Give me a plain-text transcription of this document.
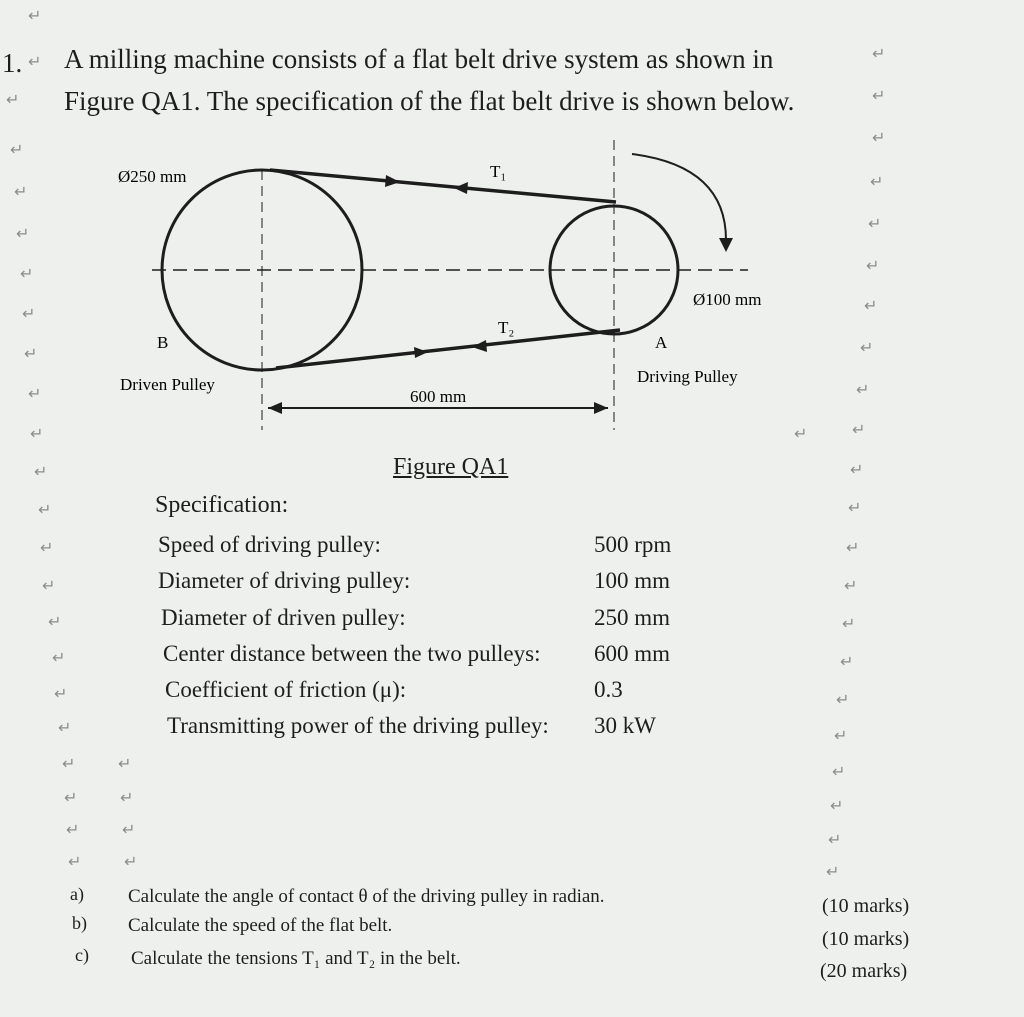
1. A milling machine consists of a flat belt drive system as shown in
Figure QA1. The specification of the flat belt drive is shown below.
Ø250 mm
Ø100 mm
T₁
T₂
B	A
Driven Pulley	Driving Pulley
600 mm
Figure QA1
Specification:
Speed of driving pulley:	500 rpm
Diameter of driving pulley:	100 mm
Diameter of driven pulley:	250 mm
Center distance between the two pulleys: 600 mm
Coefficient of friction (μ):	0.3
Transmitting power of the driving pulley: 30 kW
a) Calculate the angle of contact θ of the driving pulley in radian.	(10 marks)
b) Calculate the speed of the flat belt.
(10 marks)
c) Calculate the tensions T₁ and T₂ in the belt.
(20 marks)
↵
↵
↵
↵
↵
↵
↵
↵
↵
↵
↵
↵
↵
↵
↵
↵
↵
↵
↵
↵	↵
↵	↵
↵	↵
↵	↵
↵
↵
↵
↵
↵
↵
↵
↵
↵
↵
↵
↵
↵
↵
↵
↵
↵
↵
↵
↵
↵
↵
↵
